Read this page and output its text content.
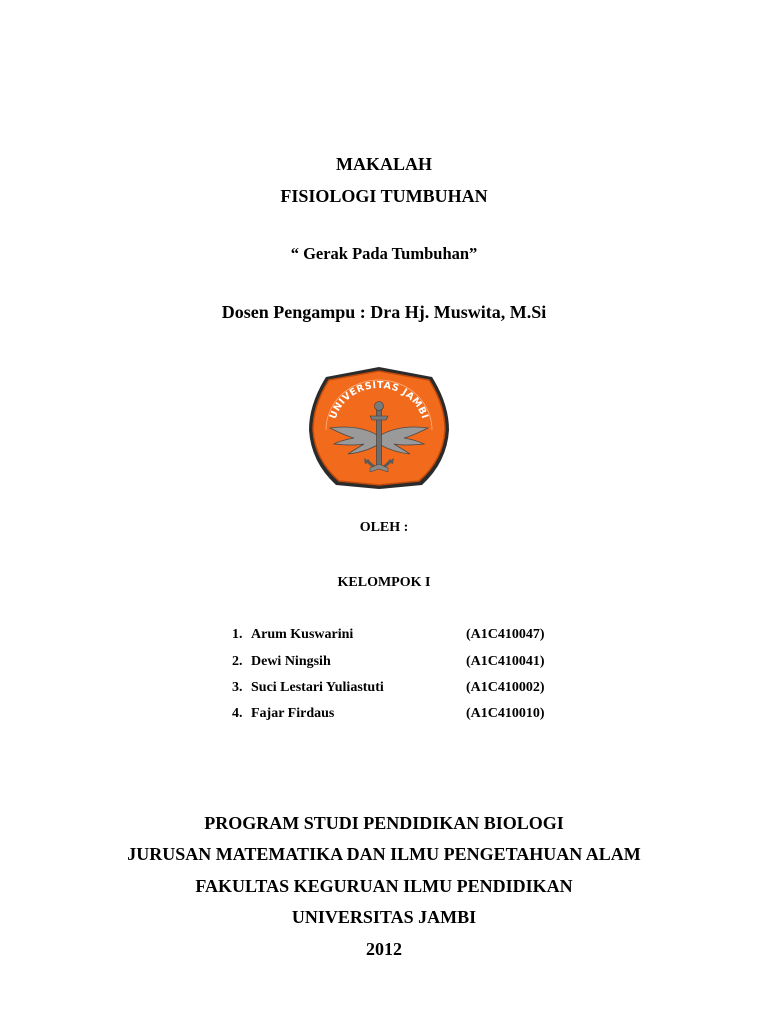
MAKALAH
FISIOLOGI TUMBUHAN
“ Gerak Pada Tumbuhan”
Dosen Pengampu : Dra Hj. Muswita, M.Si
UNIVERSITAS JAMBI
OLEH :
KELOMPOK I
1. Arum Kuswarini	(A1C410047)
2. Dewi Ningsih	(A1C410041)
3. Suci Lestari Yuliastuti	(A1C410002)
4. Fajar Firdaus	(A1C410010)
PROGRAM STUDI PENDIDIKAN BIOLOGI
JURUSAN MATEMATIKA DAN ILMU PENGETAHUAN ALAM
FAKULTAS KEGURUAN ILMU PENDIDIKAN
UNIVERSITAS JAMBI
2012
